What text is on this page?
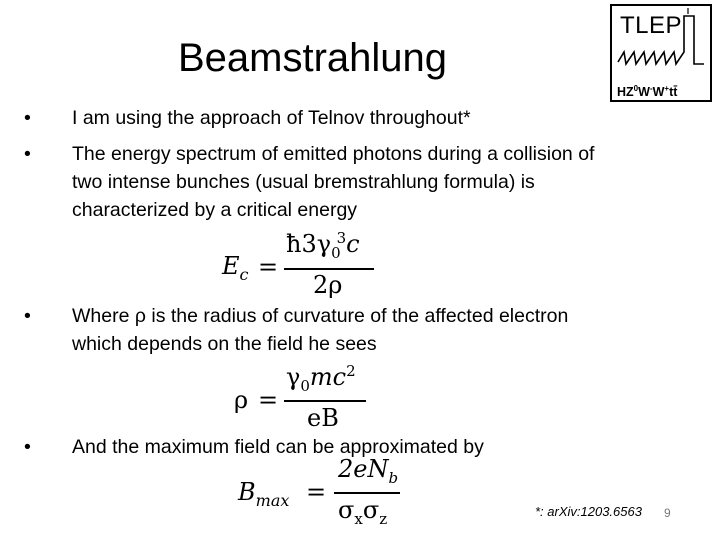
Beamstrahlung
TLEP
$HZ^0W^-W^+tt̄$
• I am using the approach of Telnov throughout*
• The energy spectrum of emitted photons during a collision of
two intense bunches (usual bremstrahlung formula) is
characterized by a critical energy
$E_c$ =
$ħ3\gamma_0^3c$
2ρ
• Where ρ is the radius of curvature of the affected electron
which depends on the field he sees
ρ =
$\gamma_0mc^2$
eB
• And the maximum field can be approximated by
$B_{max}$ =
$2eN_b$
$\sigma_x\sigma_z$	*: arXiv:1203.6563 9
